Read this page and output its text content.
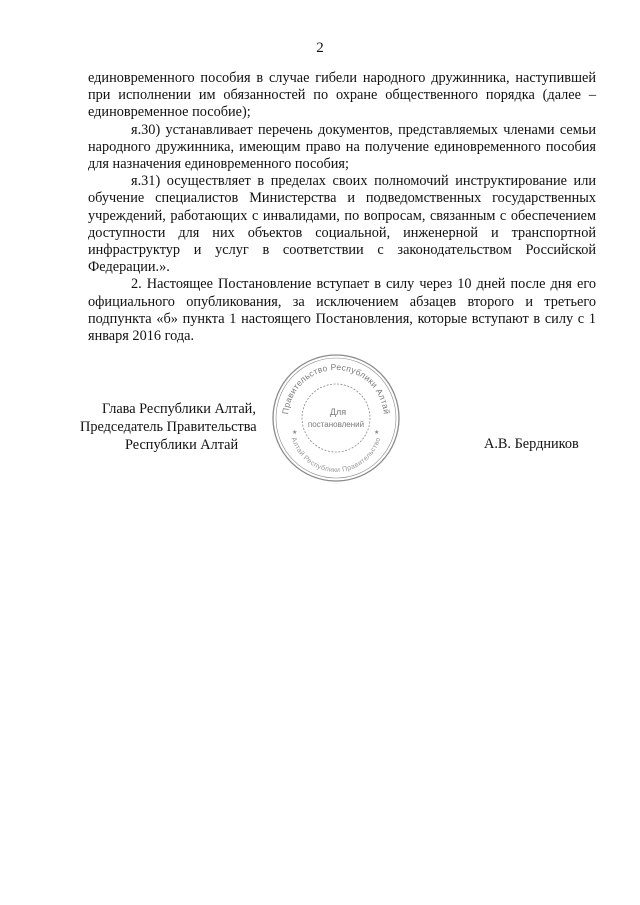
2

единовременного пособия в случае гибели народного дружинника, наступившей при исполнении им обязанностей по охране общественного порядка (далее – единовременное пособие);

я.30) устанавливает перечень документов, представляемых членами семьи народного дружинника, имеющим право на получение единовременного пособия для назначения единовременного пособия;

я.31) осуществляет в пределах своих полномочий инструктирование или обучение специалистов Министерства и подведомственных государственных учреждений, работающих с инвалидами, по вопросам, связанным с обеспечением доступности для них объектов социальной, инженерной и транспортной инфраструктур и услуг в соответствии с законодательством Российской Федерации.».

2. Настоящее Постановление вступает в силу через 10 дней после дня его официального опубликования, за исключением абзацев второго и третьего подпункта «б» пункта 1 настоящего Постановления, которые вступают в силу с 1 января 2016 года.

Глава Республики Алтай,
Председатель Правительства
Республики Алтай	А.В. Бердников
Правительство Республики Алтай
Алтай Республики Правительство
Для
постановлений
★	★
